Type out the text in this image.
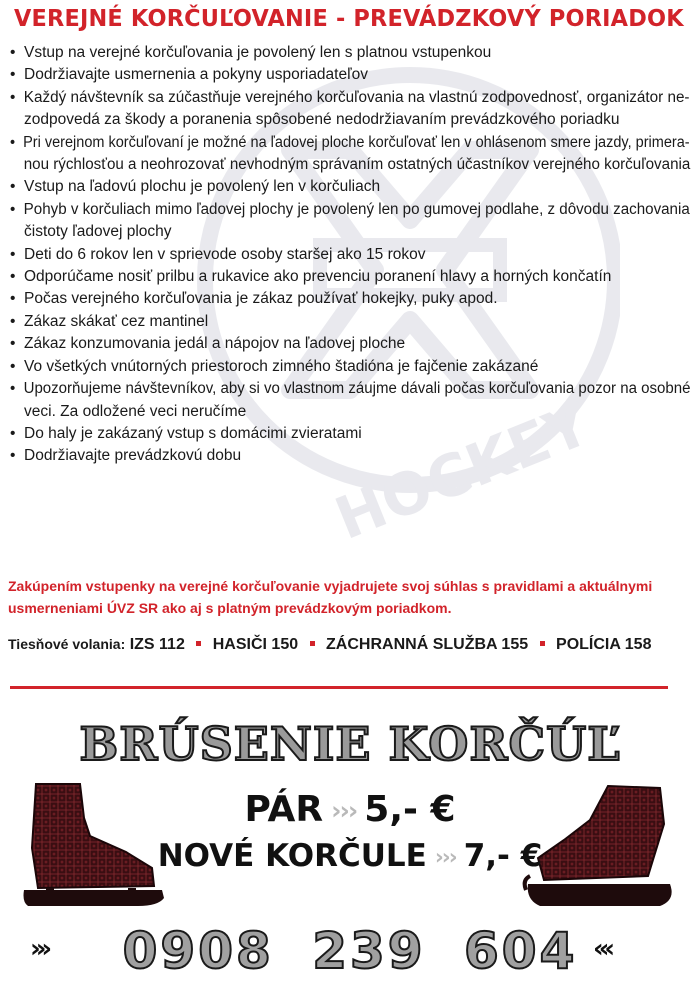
HOCKEY
VEREJNÉ KORČUĽOVANIE - PREVÁDZKOVÝ PORIADOK
• Vstup na verejné korčuľovania je povolený len s platnou vstupenkou
• Dodržiavajte usmernenia a pokyny usporiadateľov
• Každý návštevník sa zúčastňuje verejného korčuľovania na vlastnú zodpovednosť, organizátor ne-
zodpovedá za škody a poranenia spôsobené nedodržiavaním prevádzkového poriadku
• Pri verejnom korčuľovaní je možné na ľadovej ploche korčuľovať len v ohlásenom smere jazdy, primera-
nou rýchlosťou a neohrozovať nevhodným správaním ostatných účastníkov verejného korčuľovania
• Vstup na ľadovú plochu je povolený len v korčuliach
• Pohyb v korčuliach mimo ľadovej plochy je povolený len po gumovej podlahe, z dôvodu zachovania
čistoty ľadovej plochy
• Deti do 6 rokov len v sprievode osoby staršej ako 15 rokov
• Odporúčame nosiť prilbu a rukavice ako prevenciu poranení hlavy a horných končatín
• Počas verejného korčuľovania je zákaz používať hokejky, puky apod.
• Zákaz skákať cez mantinel
• Zákaz konzumovania jedál a nápojov na ľadovej ploche
• Vo všetkých vnútorných priestoroch zimného štadióna je fajčenie zakázané
• Upozorňujeme návštevníkov, aby si vo vlastnom záujme dávali počas korčuľovania pozor na osobné
veci. Za odložené veci neručíme
• Do haly je zakázaný vstup s domácimi zvieratami
• Dodržiavajte prevádzkovú dobu
Zakúpením vstupenky na verejné korčuľovanie vyjadrujete svoj súhlas s pravidlami a aktuálnymi usmerneniami ÚVZ SR ako aj s platným prevádzkovým poriadkom.
Tiesňové volania: IZS 112 HASIČI 150 ZÁCHRANNÁ SLUŽBA 155 POLÍCIA 158
BRÚSENIE KORČÚĽ
PÁR ››› 5,- €
NOVÉ KORČULE ››› 7,- €
›››	0908 239 604 ‹‹‹
